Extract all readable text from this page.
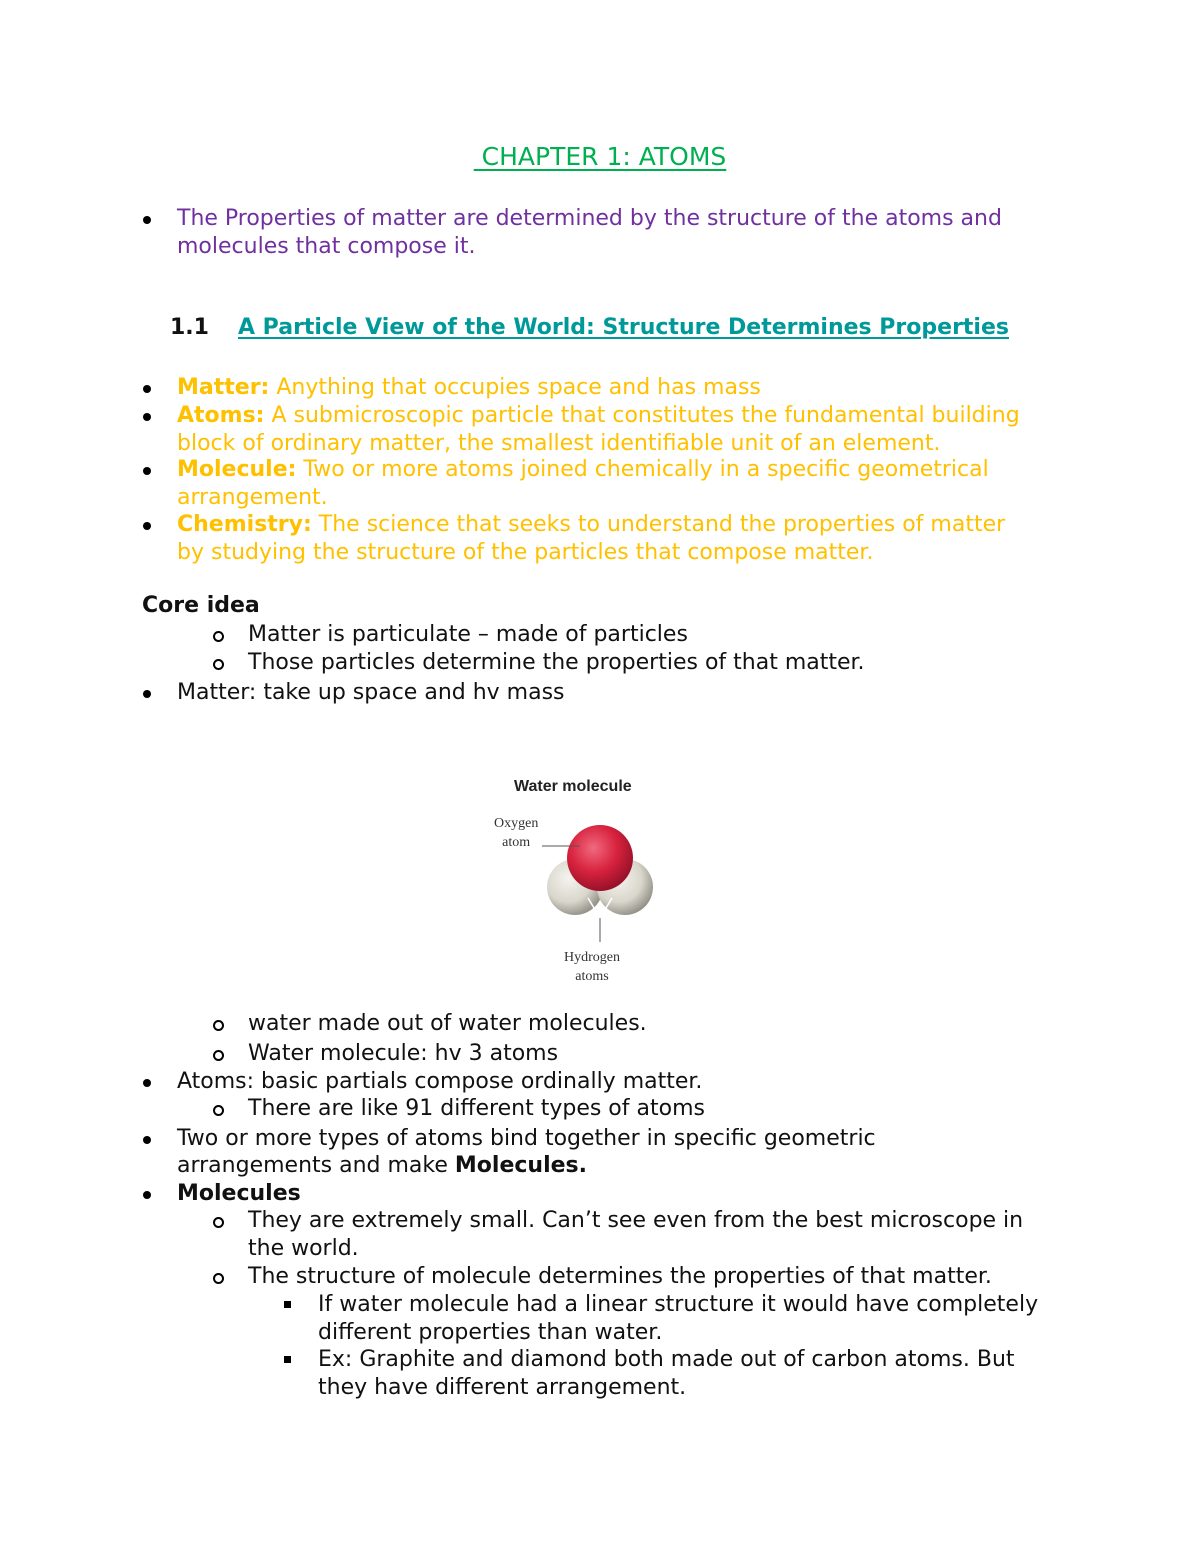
CHAPTER 1: ATOMS
The Properties of matter are determined by the structure of the atoms and
molecules that compose it.
1.1 A Particle View of the World: Structure Determines Properties
Matter: Anything that occupies space and has mass
Atoms: A submicroscopic particle that constitutes the fundamental building
block of ordinary matter, the smallest identifiable unit of an element.
Molecule: Two or more atoms joined chemically in a specific geometrical
arrangement.
Chemistry: The science that seeks to understand the properties of matter
by studying the structure of the particles that compose matter.
Core idea
Matter is particulate – made of particles
Those particles determine the properties of that matter.
Matter: take up space and hv mass
Water molecule
Oxygen
atom
Hydrogen
atoms
water made out of water molecules.
Water molecule: hv 3 atoms
Atoms: basic partials compose ordinally matter.
There are like 91 different types of atoms
Two or more types of atoms bind together in specific geometric
arrangements and make Molecules.
Molecules
They are extremely small. Can’t see even from the best microscope in
the world.
The structure of molecule determines the properties of that matter.
If water molecule had a linear structure it would have completely
different properties than water.
Ex: Graphite and diamond both made out of carbon atoms. But
they have different arrangement.
